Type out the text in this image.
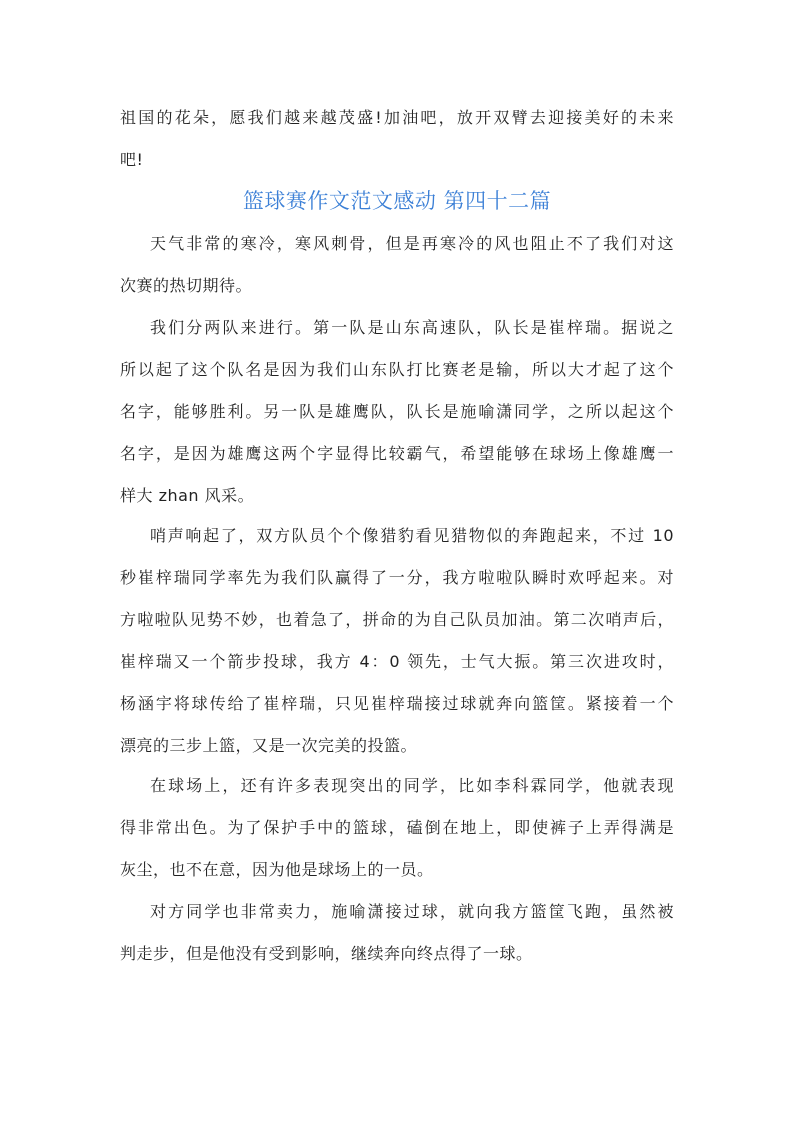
祖国的花朵，愿我们越来越茂盛!加油吧，放开双臂去迎接美好的未来
吧!
篮球赛作文范文感动 第四十二篇
天气非常的寒冷，寒风刺骨，但是再寒冷的风也阻止不了我们对这
次赛的热切期待。
我们分两队来进行。第一队是山东高速队，队长是崔梓瑞。据说之
所以起了这个队名是因为我们山东队打比赛老是输，所以大才起了这个
名字，能够胜利。另一队是雄鹰队，队长是施喻潇同学，之所以起这个
名字，是因为雄鹰这两个字显得比较霸气，希望能够在球场上像雄鹰一
样大 zhan 风采。
哨声响起了，双方队员个个像猎豹看见猎物似的奔跑起来，不过 10
秒崔梓瑞同学率先为我们队赢得了一分，我方啦啦队瞬时欢呼起来。对
方啦啦队见势不妙，也着急了，拼命的为自己队员加油。第二次哨声后，
崔梓瑞又一个箭步投球，我方 4：0 领先，士气大振。第三次进攻时，
杨涵宇将球传给了崔梓瑞，只见崔梓瑞接过球就奔向篮筐。紧接着一个
漂亮的三步上篮，又是一次完美的投篮。
在球场上，还有许多表现突出的同学，比如李科霖同学，他就表现
得非常出色。为了保护手中的篮球，磕倒在地上，即使裤子上弄得满是
灰尘，也不在意，因为他是球场上的一员。
对方同学也非常卖力，施喻潇接过球，就向我方篮筐飞跑，虽然被
判走步，但是他没有受到影响，继续奔向终点得了一球。
